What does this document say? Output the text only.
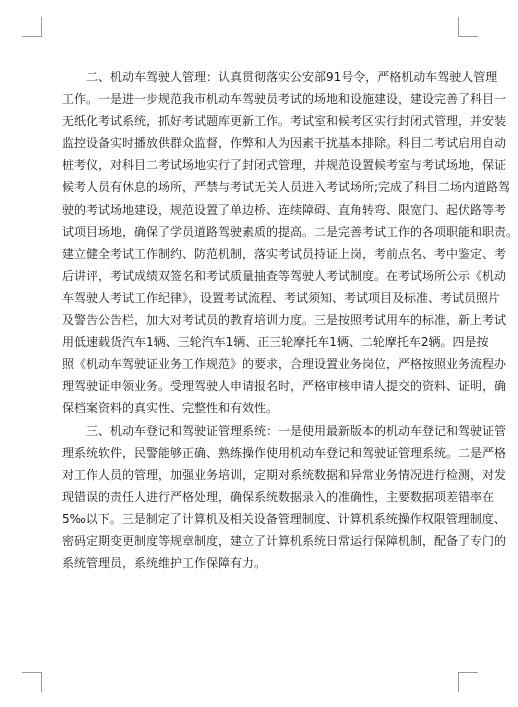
　　二、机动车驾驶人管理：认真贯彻落实公安部91号令，严格机动车驾驶人管理
工作。一是进一步规范我市机动车驾驶员考试的场地和设施建设，建设完善了科目一
无纸化考试系统，抓好考试题库更新工作。考试室和候考区实行封闭式管理，并安装
监控设备实时播放供群众监督，作弊和人为因素干扰基本排除。科目二考试启用自动
桩考仪，对科目二考试场地实行了封闭式管理，并规范设置候考室与考试场地，保证
候考人员有休息的场所，严禁与考试无关人员进入考试场所;完成了科目二场内道路驾
驶的考试场地建设，规范设置了单边桥、连续障碍、直角转弯、限宽门、起伏路等考
试项目场地，确保了学员道路驾驶素质的提高。二是完善考试工作的各项职能和职责。
建立健全考试工作制约、防范机制，落实考试员持证上岗，考前点名、考中鉴定、考
后讲评，考试成绩双签名和考试质量抽查等驾驶人考试制度。在考试场所公示《机动
车驾驶人考试工作纪律》，设置考试流程、考试须知、考试项目及标准、考试员照片
及警告公告栏，加大对考试员的教育培训力度。三是按照考试用车的标准，新上考试
用低速载货汽车1辆、三轮汽车1辆、正三轮摩托车1辆、二轮摩托车2辆。四是按
照《机动车驾驶证业务工作规范》的要求，合理设置业务岗位，严格按照业务流程办
理驾驶证申领业务。受理驾驶人申请报名时，严格审核申请人提交的资料、证明，确
保档案资料的真实性、完整性和有效性。
　　三、机动车登记和驾驶证管理系统：一是使用最新版本的机动车登记和驾驶证管
理系统软件，民警能够正确、熟练操作使用机动车登记和驾驶证管理系统。二是严格
对工作人员的管理，加强业务培训，定期对系统数据和异常业务情况进行检测，对发
现错误的责任人进行严格处理，确保系统数据录入的准确性，主要数据项差错率在
5‰以下。三是制定了计算机及相关设备管理制度、计算机系统操作权限管理制度、
密码定期变更制度等规章制度，建立了计算机系统日常运行保障机制，配备了专门的
系统管理员，系统维护工作保障有力。
